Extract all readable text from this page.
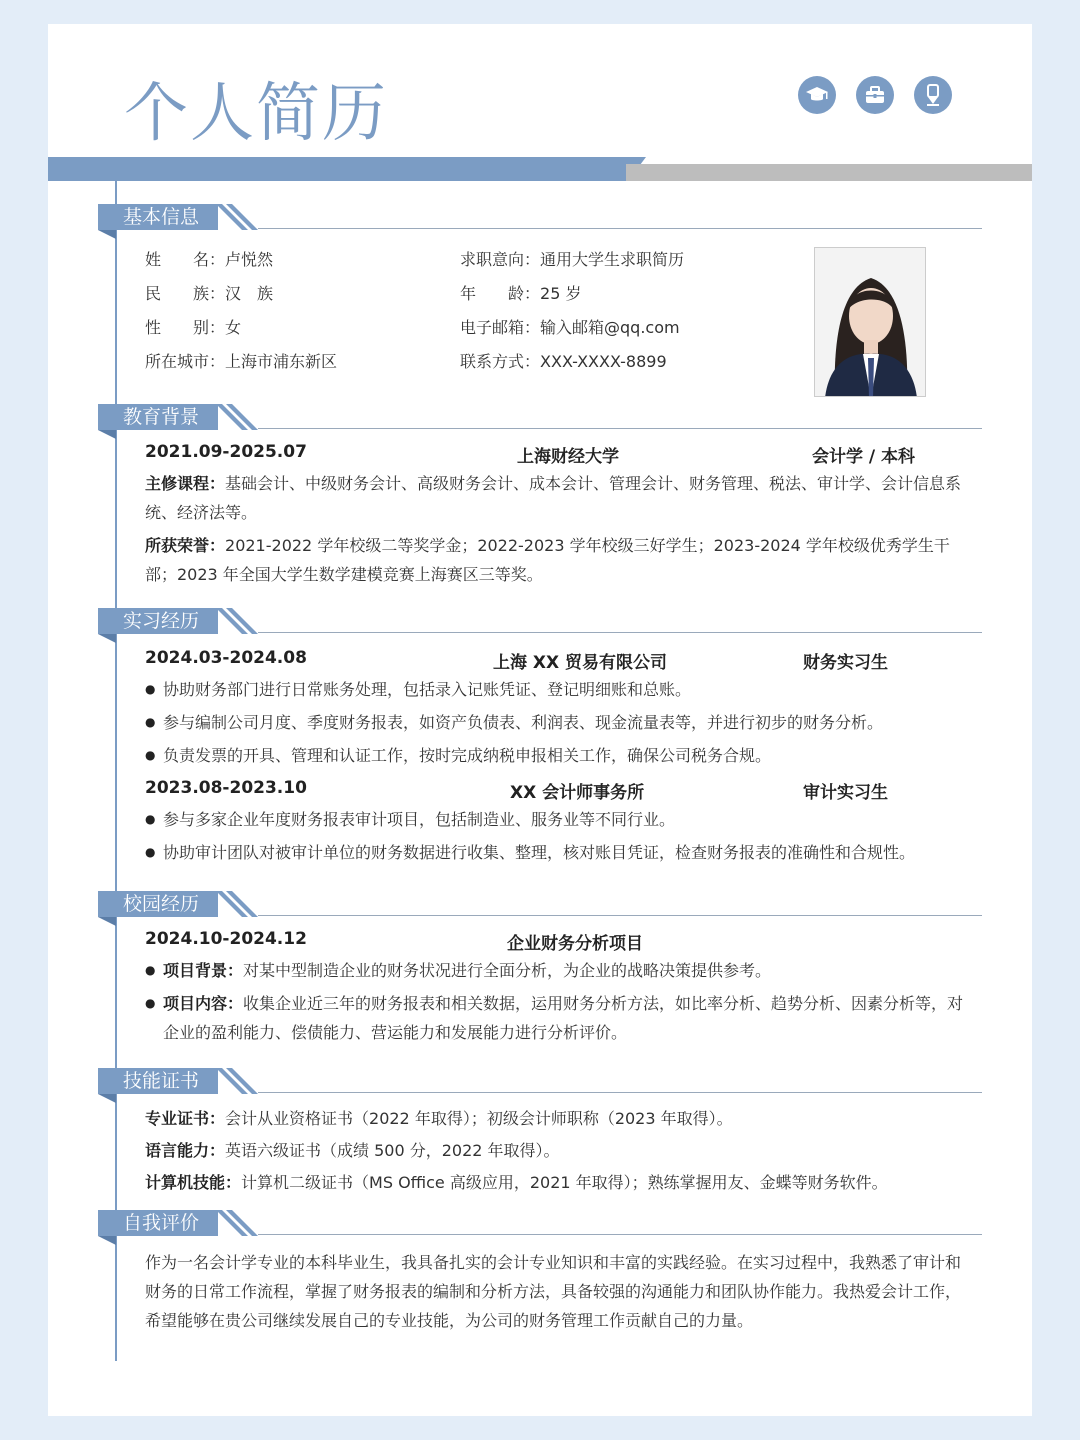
个人简历
基本信息
姓　　名：卢悦然
民　　族：汉　族
性　　别：女
所在城市：上海市浦东新区
求职意向：通用大学生求职简历
年　　龄：25 岁
电子邮箱：输入邮箱@qq.com
联系方式：XXX-XXXX-8899
教育背景
2021.09-2025.07	上海财经大学	会计学 / 本科
主修课程：基础会计、中级财务会计、高级财务会计、成本会计、管理会计、财务管理、税法、审计学、会计信息系统、经济法等。
所获荣誉：2021-2022 学年校级二等奖学金；2022-2023 学年校级三好学生；2023-2024 学年校级优秀学生干部；2023 年全国大学生数学建模竞赛上海赛区三等奖。
实习经历
2024.03-2024.08	上海 XX 贸易有限公司	财务实习生
● 协助财务部门进行日常账务处理，包括录入记账凭证、登记明细账和总账。
● 参与编制公司月度、季度财务报表，如资产负债表、利润表、现金流量表等，并进行初步的财务分析。
● 负责发票的开具、管理和认证工作，按时完成纳税申报相关工作，确保公司税务合规。
2023.08-2023.10	XX 会计师事务所	审计实习生
● 参与多家企业年度财务报表审计项目，包括制造业、服务业等不同行业。
● 协助审计团队对被审计单位的财务数据进行收集、整理，核对账目凭证，检查财务报表的准确性和合规性。
校园经历
2024.10-2024.12	企业财务分析项目
● 项目背景：对某中型制造企业的财务状况进行全面分析，为企业的战略决策提供参考。
● 项目内容：收集企业近三年的财务报表和相关数据，运用财务分析方法，如比率分析、趋势分析、因素分析等，对企业的盈利能力、偿债能力、营运能力和发展能力进行分析评价。
技能证书
专业证书：会计从业资格证书（2022 年取得）；初级会计师职称（2023 年取得）。
语言能力：英语六级证书（成绩 500 分，2022 年取得）。
计算机技能：计算机二级证书（MS Office 高级应用，2021 年取得）；熟练掌握用友、金蝶等财务软件。
自我评价
作为一名会计学专业的本科毕业生，我具备扎实的会计专业知识和丰富的实践经验。在实习过程中，我熟悉了审计和财务的日常工作流程，掌握了财务报表的编制和分析方法，具备较强的沟通能力和团队协作能力。我热爱会计工作，希望能够在贵公司继续发展自己的专业技能，为公司的财务管理工作贡献自己的力量。
